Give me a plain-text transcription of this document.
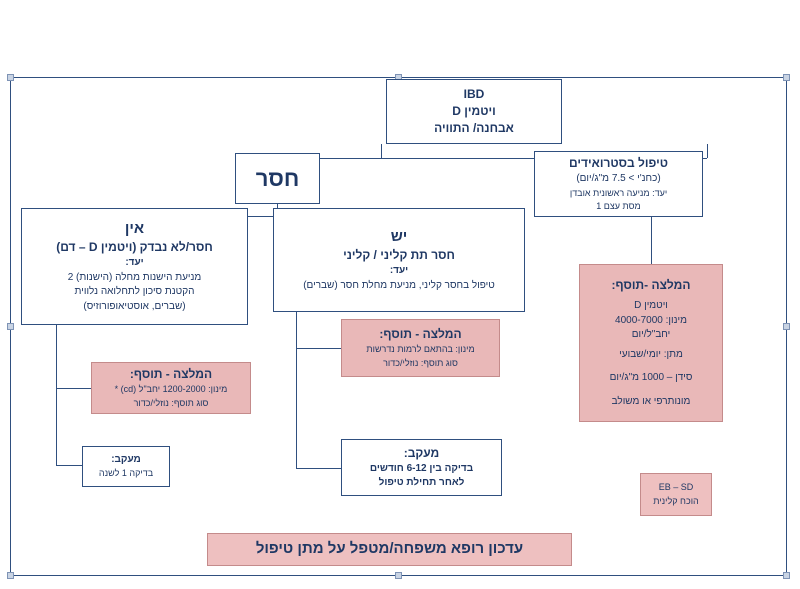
IBD
ויטמין D
אבחנה/ התוויה
חסר
טיפול בסטרואידים
(כחנ'י > 7.5 מ"ג/יום)
יעד: מניעה ראשונית אובדן
מסת עצם 1
אין
חסר/לא נבדק (ויטמין D – דם)
יעד:
מניעת הישנות מחלה (הישנות) 2
הקטנת סיכון לתחלואה נלווית
(שברים, אוסטיאופורוזיס)
יש
חסר תת קליני / קליני
יעד:
טיפול בחסר קליני, מניעת מחלת חסר (שברים)	המלצה -תוסף:
ויטמין D
מינון: 4000-7000
יחב"ל/יום
מתן: יומי/שבועי
סידן – 1000 מ"ג/יום
מונותרפי או משולב
המלצה - תוסף:
מינון: בהתאם לרמות נדרשות
סוג תוסף: נוזלי/כדור
המלצה - תוסף:
מינון: 1200-2000 יחב"ל (cd) *
סוג תוסף: נוזלי/כדור
מעקב:
בדיקה 1 לשנה
מעקב:
בדיקה בין 6-12 חודשים
לאחר תחילת טיפול	EB – SD
הוכח קלינית
עדכון רופא משפחה/מטפל על מתן טיפול
